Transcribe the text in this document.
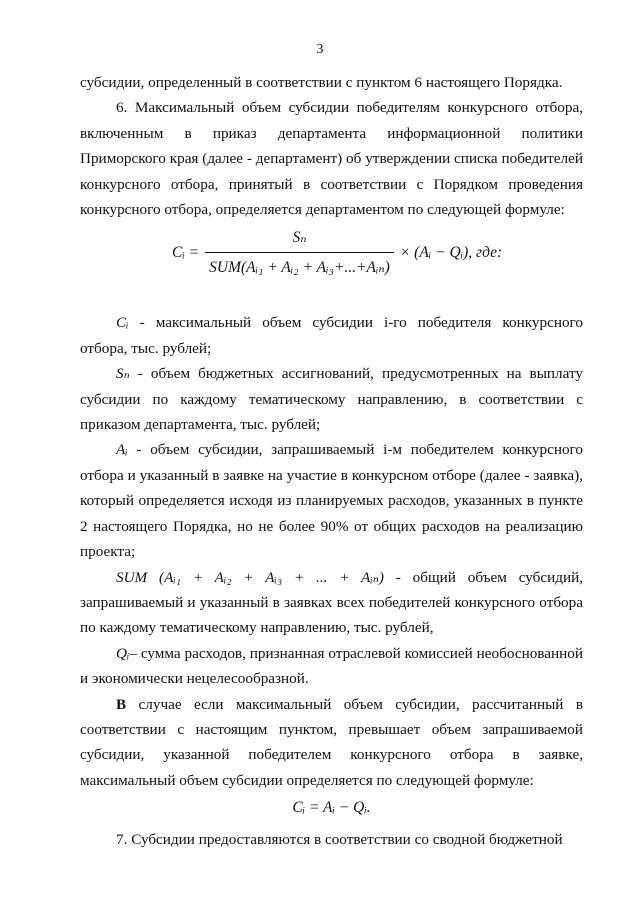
3

субсидии, определенный в соответствии с пунктом 6 настоящего Порядка.

6. Максимальный объем субсидии победителям конкурсного отбора, включенным в приказ департамента информационной политики Приморского края (далее - департамент) об утверждении списка победителей конкурсного отбора, принятый в соответствии с Порядком проведения конкурсного отбора, определяется департаментом по следующей формуле:

Cᵢ = $\frac{\text{Sₙ}}{\text{SUM(Aᵢ₁ + Aᵢ₂ + Aᵢ₃+...+Aᵢₙ)}}$ × (Aᵢ − Qᵢ), где:

Cᵢ - максимальный объем субсидии i-го победителя конкурсного отбора, тыс. рублей;

Sₙ - объем бюджетных ассигнований, предусмотренных на выплату субсидии по каждому тематическому направлению, в соответствии с приказом департамента, тыс. рублей;

Aᵢ - объем субсидии, запрашиваемый i-м победителем конкурсного отбора и указанный в заявке на участие в конкурсном отборе (далее - заявка), который определяется исходя из планируемых расходов, указанных в пункте 2 настоящего Порядка, но не более 90% от общих расходов на реализацию проекта;

SUM (Aᵢ₁ + Aᵢ₂ + Aᵢ₃ + ... + Aᵢₙ) - общий объем субсидий, запрашиваемый и указанный в заявках всех победителей конкурсного отбора по каждому тематическому направлению, тыс. рублей,

Qᵢ– сумма расходов, признанная отраслевой комиссией необоснованной и экономически нецелесообразной.

В случае если максимальный объем субсидии, рассчитанный в соответствии с настоящим пунктом, превышает объем запрашиваемой субсидии, указанной победителем конкурсного отбора в заявке, максимальный объем субсидии определяется по следующей формуле:

Cᵢ = Aᵢ − Qᵢ.

7. Субсидии предоставляются в соответствии со сводной бюджетной
